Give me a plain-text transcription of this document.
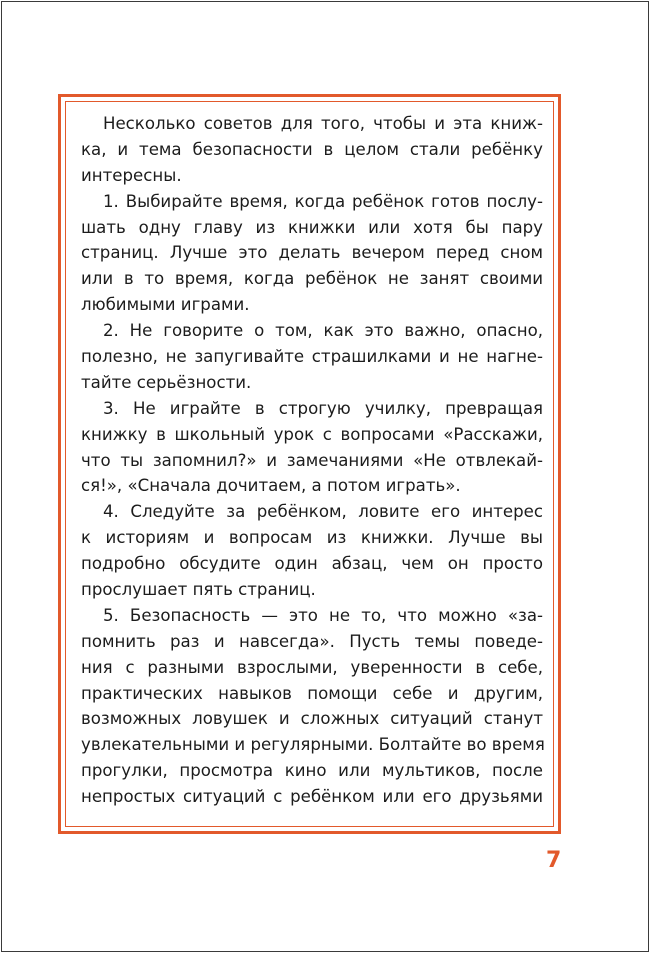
Несколько советов для того, чтобы и эта книж-
ка, и тема безопасности в целом стали ребёнку
интересны.
1. Выбирайте время, когда ребёнок готов послу-
шать одну главу из книжки или хотя бы пару
страниц. Лучше это делать вечером перед сном
или в то время, когда ребёнок не занят своими
любимыми играми.
2. Не говорите о том, как это важно, опасно,
полезно, не запугивайте страшилками и не нагне-
тайте серьёзности.
3. Не играйте в строгую училку, превращая
книжку в школьный урок с вопросами «Расскажи,
что ты запомнил?» и замечаниями «Не отвлекай-
ся!», «Сначала дочитаем, а потом играть».
4. Следуйте за ребёнком, ловите его интерес
к историям и вопросам из книжки. Лучше вы
подробно обсудите один абзац, чем он просто
прослушает пять страниц.
5. Безопасность — это не то, что можно «за-
помнить раз и навсегда». Пусть темы поведе-
ния с разными взрослыми, уверенности в себе,
практических навыков помощи себе и другим,
возможных ловушек и сложных ситуаций станут
увлекательными и регулярными. Болтайте во время
прогулки, просмотра кино или мультиков, после
непростых ситуаций с ребёнком или его друзьями
7
